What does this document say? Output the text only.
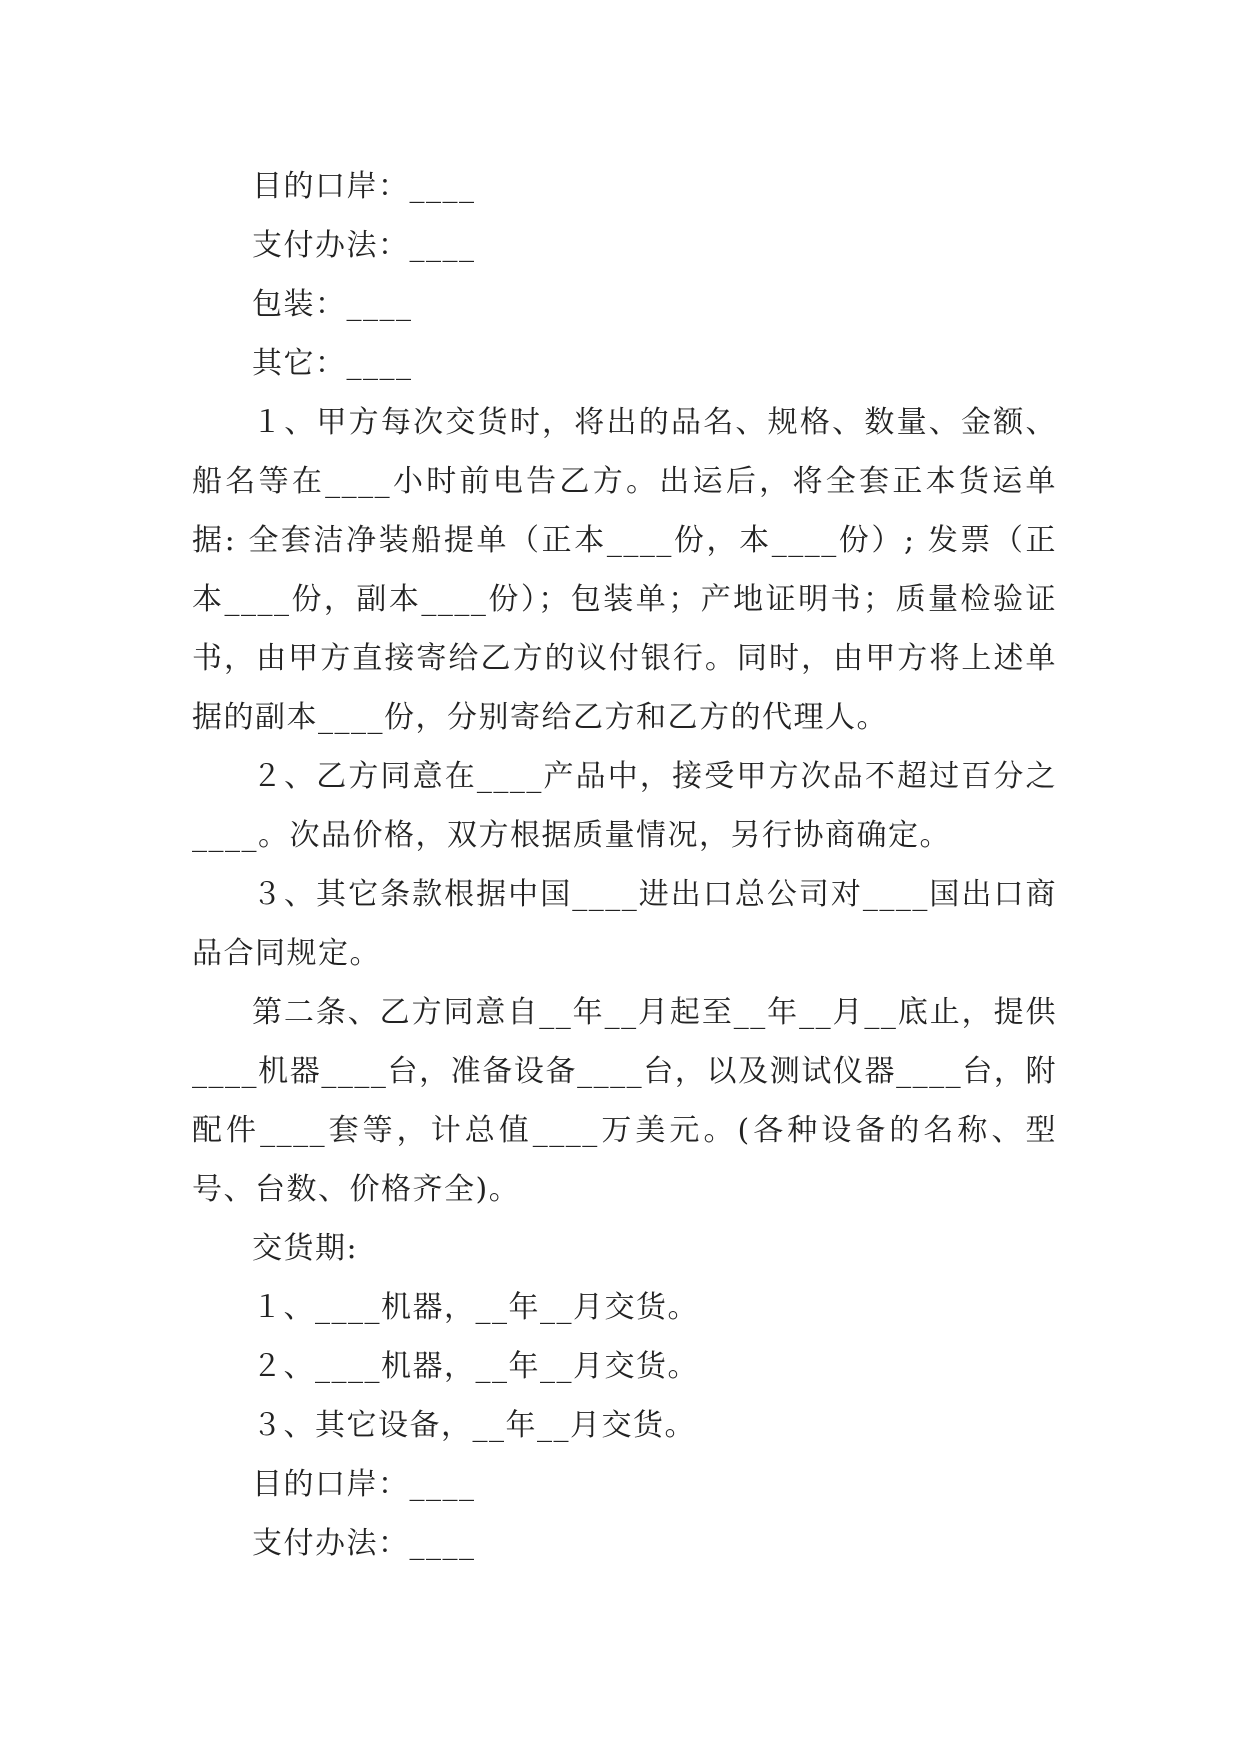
目的口岸：____

支付办法：____

包装：____

其它：____

１、甲方每次交货时，将出的品名、规格、数量、金额、船名等在____小时前电告乙方。出运后，将全套正本货运单据: 全套洁净装船提单（正本____份，本____份）; 发票（正本____份，副本____份）；包装单；产地证明书；质量检验证书，由甲方直接寄给乙方的议付银行。同时，由甲方将上述单据的副本____份，分别寄给乙方和乙方的代理人。

２、乙方同意在____产品中，接受甲方次品不超过百分之____。次品价格，双方根据质量情况，另行协商确定。

３、其它条款根据中国____进出口总公司对____国出口商品合同规定。

第二条、乙方同意自__年__月起至__年__月__底止，提供____机器____台，准备设备____台，以及测试仪器____台，附配件____套等，计总值____万美元。(各种设备的名称、型号、台数、价格齐全)。

交货期:

１、____机器，__年__月交货。

２、____机器，__年__月交货。

３、其它设备，__年__月交货。

目的口岸：____

支付办法：____
